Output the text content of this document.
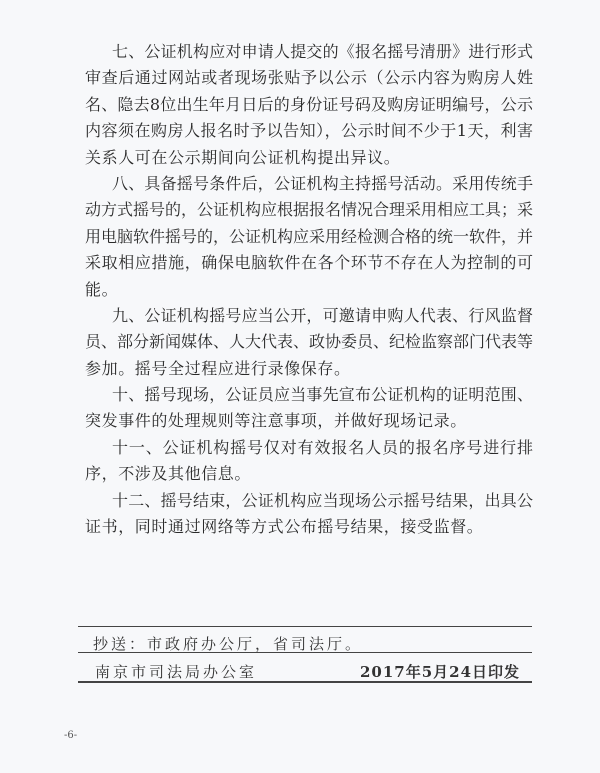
七、公证机构应对申请人提交的《报名摇号清册》进行形式
审查后通过网站或者现场张贴予以公示（公示内容为购房人姓
名、隐去8位出生年月日后的身份证号码及购房证明编号，公示
内容须在购房人报名时予以告知），公示时间不少于1天，利害
关系人可在公示期间向公证机构提出异议。
八、具备摇号条件后，公证机构主持摇号活动。采用传统手
动方式摇号的，公证机构应根据报名情况合理采用相应工具；采
用电脑软件摇号的，公证机构应采用经检测合格的统一软件，并
采取相应措施，确保电脑软件在各个环节不存在人为控制的可
能。
九、公证机构摇号应当公开，可邀请申购人代表、行风监督
员、部分新闻媒体、人大代表、政协委员、纪检监察部门代表等
参加。摇号全过程应进行录像保存。
十、摇号现场，公证员应当事先宣布公证机构的证明范围、
突发事件的处理规则等注意事项，并做好现场记录。
十一、公证机构摇号仅对有效报名人员的报名序号进行排
序，不涉及其他信息。
十二、摇号结束，公证机构应当现场公示摇号结果，出具公
证书，同时通过网络等方式公布摇号结果，接受监督。
抄送：市政府办公厅，省司法厅。
南京市司法局办公室	2017年5月24日印发
-6-
